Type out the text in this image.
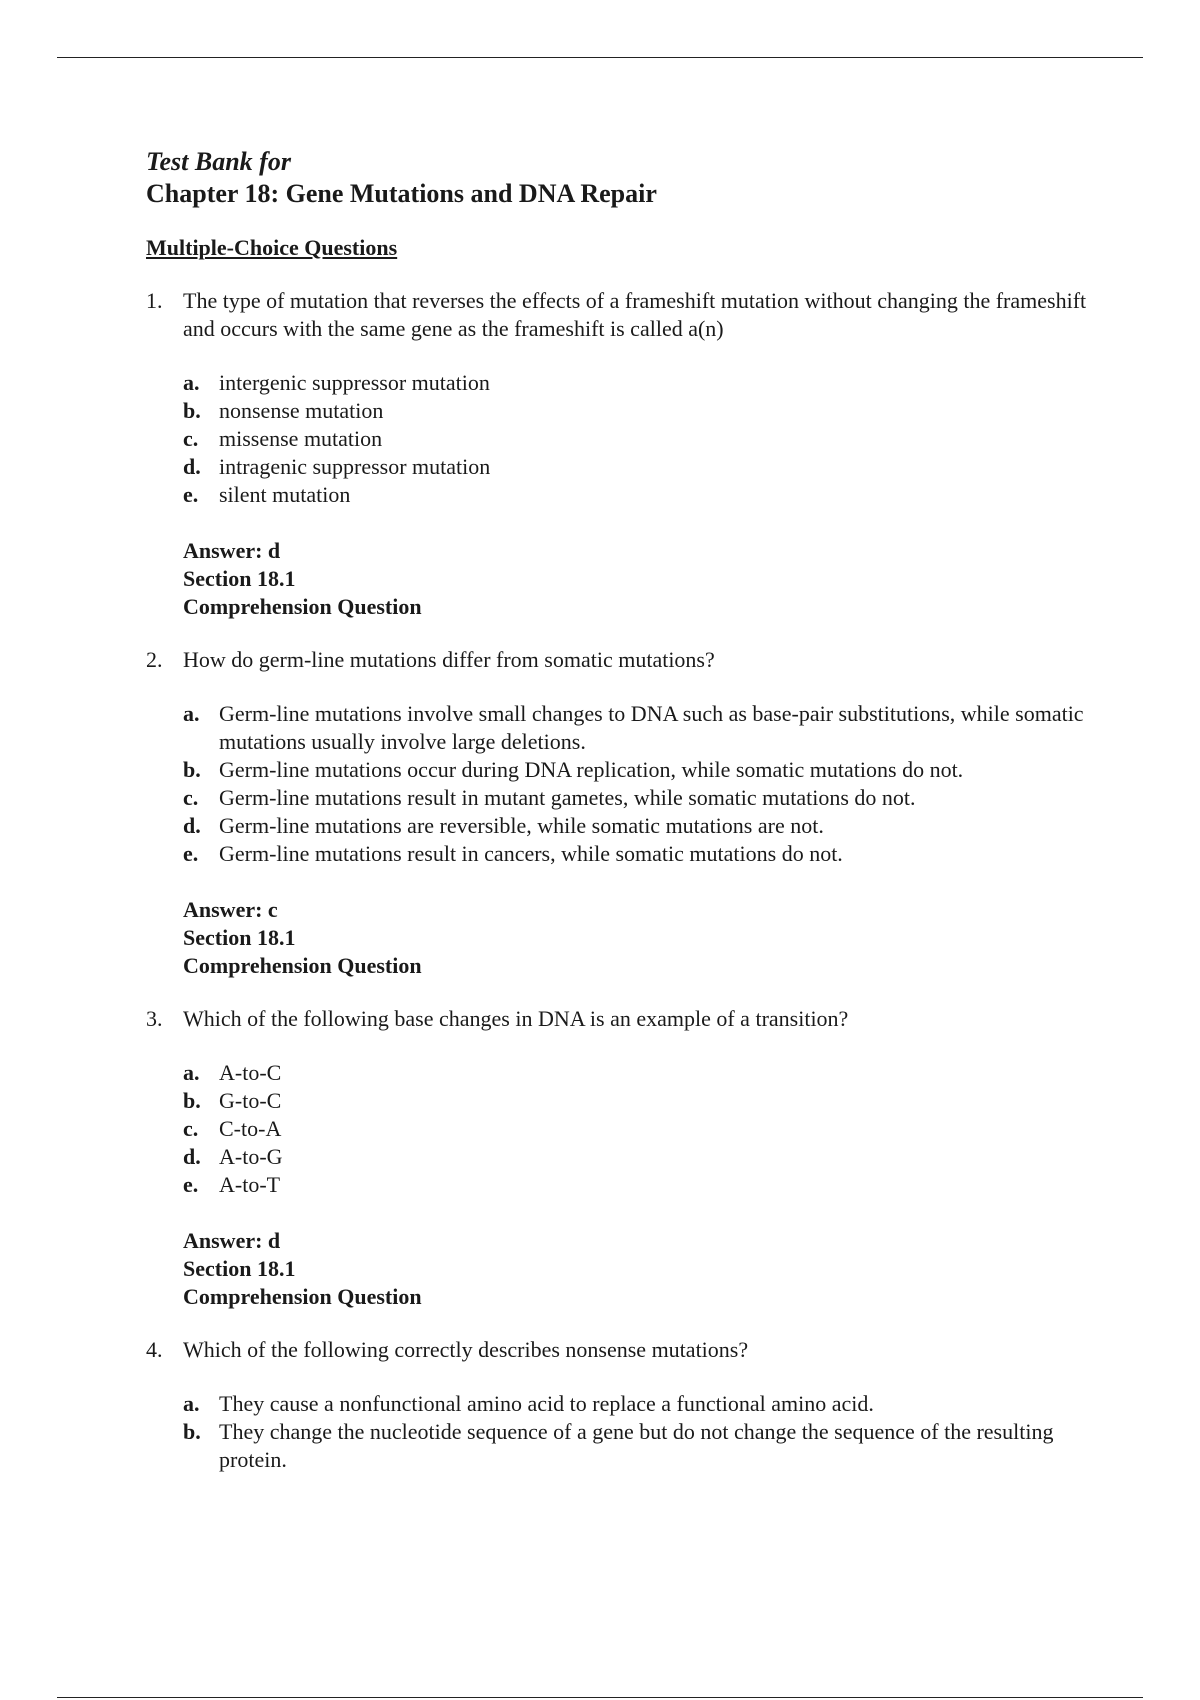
Test Bank for
Chapter 18: Gene Mutations and DNA Repair
Multiple-Choice Questions
1. The type of mutation that reverses the effects of a frameshift mutation without changing the frameshift and occurs with the same gene as the frameshift is called a(n)
a. intergenic suppressor mutation
b. nonsense mutation
c. missense mutation
d. intragenic suppressor mutation
e. silent mutation
Answer: d
Section 18.1
Comprehension Question
2. How do germ-line mutations differ from somatic mutations?
a. Germ-line mutations involve small changes to DNA such as base-pair substitutions, while somatic mutations usually involve large deletions.
b. Germ-line mutations occur during DNA replication, while somatic mutations do not.
c. Germ-line mutations result in mutant gametes, while somatic mutations do not.
d. Germ-line mutations are reversible, while somatic mutations are not.
e. Germ-line mutations result in cancers, while somatic mutations do not.
Answer: c
Section 18.1
Comprehension Question
3. Which of the following base changes in DNA is an example of a transition?
a. A-to-C
b. G-to-C
c. C-to-A
d. A-to-G
e. A-to-T
Answer: d
Section 18.1
Comprehension Question
4. Which of the following correctly describes nonsense mutations?
a. They cause a nonfunctional amino acid to replace a functional amino acid.
b. They change the nucleotide sequence of a gene but do not change the sequence of the resulting protein.
